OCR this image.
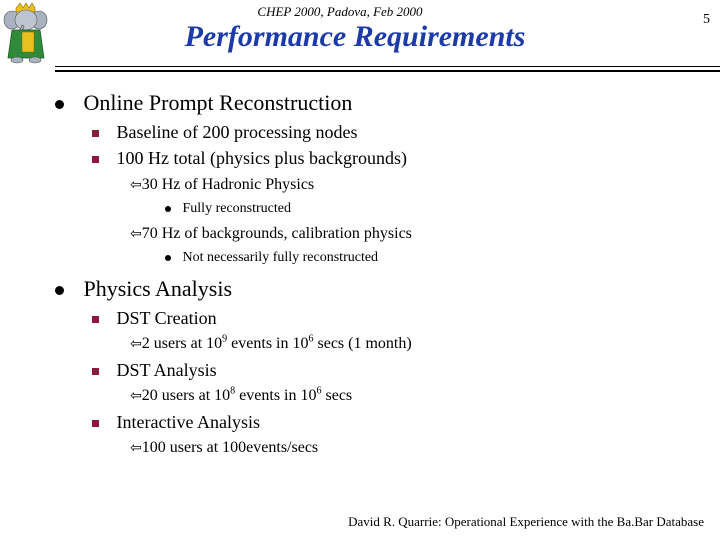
CHEP 2000, Padova, Feb 2000
Performance Requirements
5
Online Prompt Reconstruction
Baseline of 200 processing nodes
100 Hz total (physics plus backgrounds)
⇦30 Hz of Hadronic Physics
Fully reconstructed
⇦70 Hz of backgrounds, calibration physics
Not necessarily fully reconstructed
Physics Analysis
DST Creation
⇦2 users at $10^9$ events in $10^6$ secs (1 month)
DST Analysis
⇦20 users at $10^8$ events in $10^6$ secs
Interactive Analysis
⇦100 users at 100events/secs
David R. Quarrie: Operational Experience with the Ba.Bar Database
